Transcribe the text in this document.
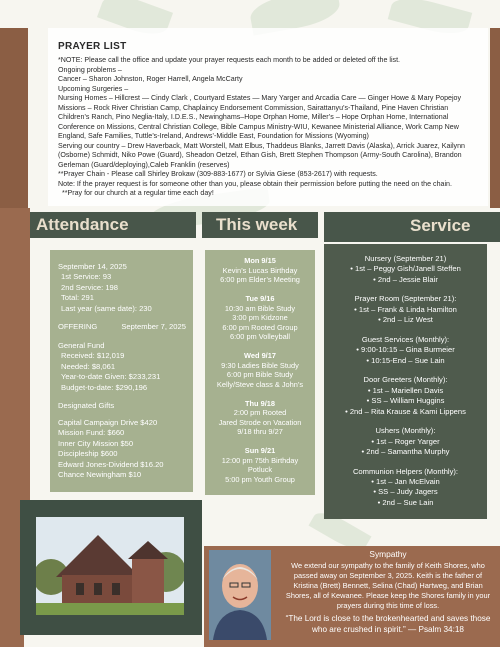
PRAYER LIST

*NOTE: Please call the office and update your prayer requests each month to be added or deleted off the list.

Ongoing problems –

Cancer – Sharon Johnston, Roger Harrell, Angela McCarty

Upcoming Surgeries –

Nursing Homes – Hillcrest — Cindy Clark , Courtyard Estates — Mary Yarger and Arcadia Care — Ginger Howe & Mary Popejoy

Missions – Rock River Christian Camp, Chaplaincy Endorsement Commission, Sairattanyu’s-Thailand, Pine Haven Christian Children’s Ranch, Pino Neglia-Italy, I.D.E.S., Newinghams–Hope Orphan Home, Miller’s – Hope Orphan Home, International Conference on Missions, Central Christian College, Bible Campus Ministry-WIU, Kewanee Ministerial Alliance, Work Camp New England, Safe Families, Tuttle’s-Ireland, Andrews’-Middle East, Foundation for Missions (Wyoming)

Serving our country – Drew Haverback, Matt Worstell, Matt Elbus, Thaddeus Blanks, Jarrett Davis (Alaska), Arrick Juarez, Kailynn (Osborne) Schmidt, Niko Powe (Guard), Sheadon Oetzel, Ethan Gish, Brett Stephen Thompson (Army-South Carolina), Brandon Gerleman (Guard/deploying),Caleb Franklin (reserves)

**Prayer Chain - Please call Shirley Brokaw (309-883-1677) or Sylvia Giese (853-2617) with requests.

Note: If the prayer request is for someone other than you, please obtain their permission before putting the need on the chain.

**Pray for our church at a regular time each day!

Attendance	This week	Service
September 14, 2025
1st Service: 93
2nd Service: 198
Total: 291
Last year (same date): 230
OFFERING	September 7, 2025
General Fund
Received: $12,019
Needed: $8,061
Year-to-date Given: $233,231
Budget-to-date: $290,196
Designated Gifts
Capital Campaign Drive $420
Mission Fund: $660
Inner City Mission $50
Discipleship $600
Edward Jones-Dividend $16.20
Chance Newingham $10
Mon 9/15
Kevin’s Lucas Birthday
6:00 pm Elder’s Meeting
Tue 9/16
10:30 am Bible Study
3:00 pm Kidzone
6:00 pm Rooted Group
6:00 pm Volleyball
Wed 9/17
9:30 Ladies Bible Study
6:00 pm Bible Study
Kelly/Steve class & John’s
Thu 9/18
2:00 pm Rooted
Jared Strode on Vacation
9/18 thru 9/27
Sun 9/21
12:00 pm 75th Birthday
Potluck
5:00 pm Youth Group
Nursery (September 21)
• 1st – Peggy Gish/Janell Steffen
• 2nd – Jessie Blair
Prayer Room (September 21):
• 1st – Frank & Linda Hamilton
• 2nd – Liz West
Guest Services (Monthly):
• 9:00-10:15 – Gina Burmeier
• 10:15-End – Sue Lain
Door Greeters (Monthly):
• 1st – Mariellen Davis
• SS – William Huggins
• 2nd – Rita Krause & Kami Lippens
Ushers (Monthly):
• 1st – Roger Yarger
• 2nd – Samantha Murphy
Communion Helpers (Monthly):
• 1st – Jan McElvain
• SS – Judy Jagers
• 2nd – Sue Lain
Sympathy
We extend our sympathy to the family of Keith Shores, who passed away on September 3, 2025. Keith is the father of Kristina (Brett) Bennett, Selina (Chad) Hartweg, and Brian Shores, all of Kewanee. Please keep the Shores family in your prayers during this time of loss.
“The Lord is close to the brokenhearted and saves those who are crushed in spirit.” — Psalm 34:18
